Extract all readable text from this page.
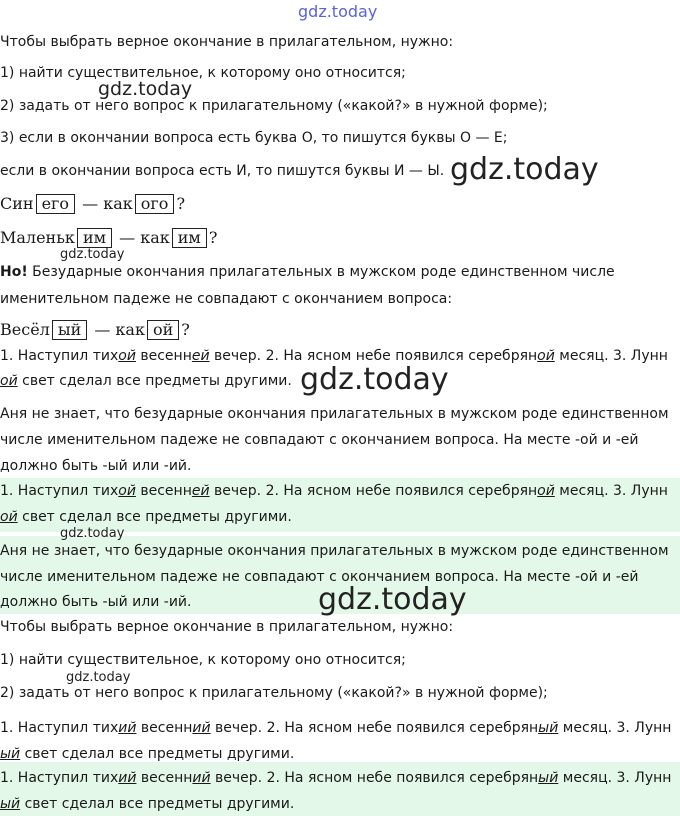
gdz.today
gdz.today
gdz.today
gdz.today
gdz.today
gdz.today
gdz.today
gdz.today
Чтобы выбрать верное окончание в прилагательном, нужно:
1) найти существительное, к которому оно относится;
2) задать от него вопрос к прилагательному («какой?» в нужной форме);
3) если в окончании вопроса есть буква О, то пишутся буквы О — Е;
если в окончании вопроса есть И, то пишутся буквы И — Ы.
Син его — как ого ?
Маленьк им — как им ?
Но! Безударные окончания прилагательных в мужском роде единственном числе
именительном падеже не совпадают с окончанием вопроса:
Весёл ый — как ой ?
1. Наступил тихой весенней вечер. 2. На ясном небе появился серебряной месяц. 3. Лунн
ой свет сделал все предметы другими.
Аня не знает, что безударные окончания прилагательных в мужском роде единственном
числе именительном падеже не совпадают с окончанием вопроса. На месте -ой и -ей
должно быть -ый или -ий.
1. Наступил тихой весенней вечер. 2. На ясном небе появился серебряной месяц. 3. Лунн
ой свет сделал все предметы другими.
Аня не знает, что безударные окончания прилагательных в мужском роде единственном
числе именительном падеже не совпадают с окончанием вопроса. На месте -ой и -ей
должно быть -ый или -ий.
Чтобы выбрать верное окончание в прилагательном, нужно:
1) найти существительное, к которому оно относится;
2) задать от него вопрос к прилагательному («какой?» в нужной форме);
1. Наступил тихий весенний вечер. 2. На ясном небе появился серебряный месяц. 3. Лунн
ый свет сделал все предметы другими.
1. Наступил тихий весенний вечер. 2. На ясном небе появился серебряный месяц. 3. Лунн
ый свет сделал все предметы другими.
